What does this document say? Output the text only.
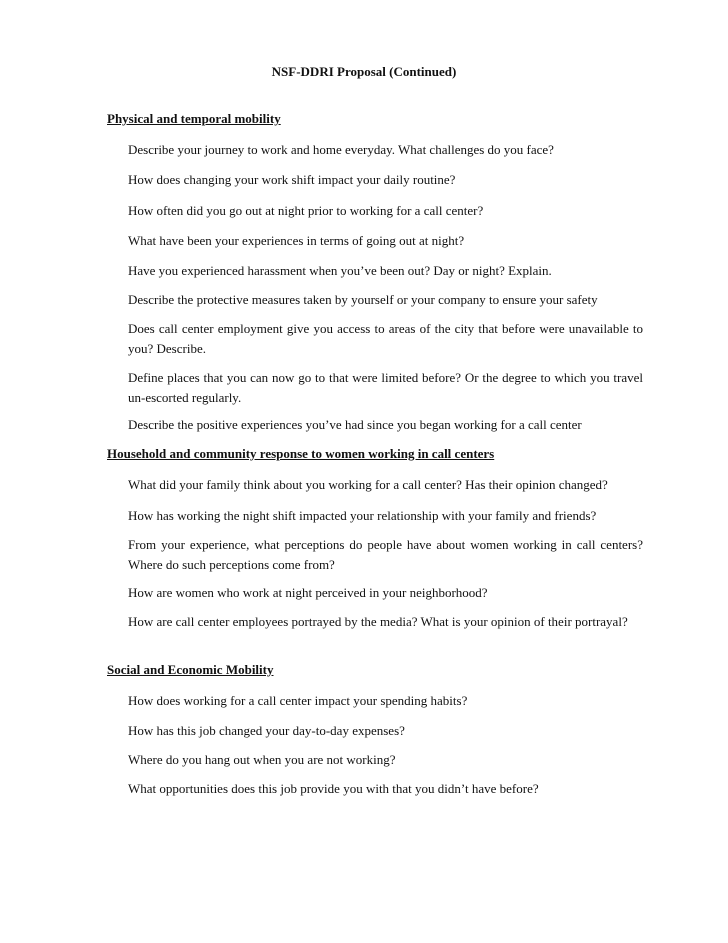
NSF-DDRI Proposal (Continued)
Physical and temporal mobility

Describe your journey to work and home everyday. What challenges do you face?

How does changing your work shift impact your daily routine?

How often did you go out at night prior to working for a call center?

What have been your experiences in terms of going out at night?

Have you experienced harassment when you’ve been out? Day or night? Explain.

Describe the protective measures taken by yourself or your company to ensure your safety

Does call center employment give you access to areas of the city that before were unavailable to you? Describe.

Define places that you can now go to that were limited before? Or the degree to which you travel un-escorted regularly.

Describe the positive experiences you’ve had since you began working for a call center

Household and community response to women working in call centers

What did your family think about you working for a call center? Has their opinion changed?

How has working the night shift impacted your relationship with your family and friends?

From your experience, what perceptions do people have about women working in call centers? Where do such perceptions come from?

How are women who work at night perceived in your neighborhood?

How are call center employees portrayed by the media? What is your opinion of their portrayal?

Social and Economic Mobility

How does working for a call center impact your spending habits?

How has this job changed your day-to-day expenses?

Where do you hang out when you are not working?

What opportunities does this job provide you with that you didn’t have before?
